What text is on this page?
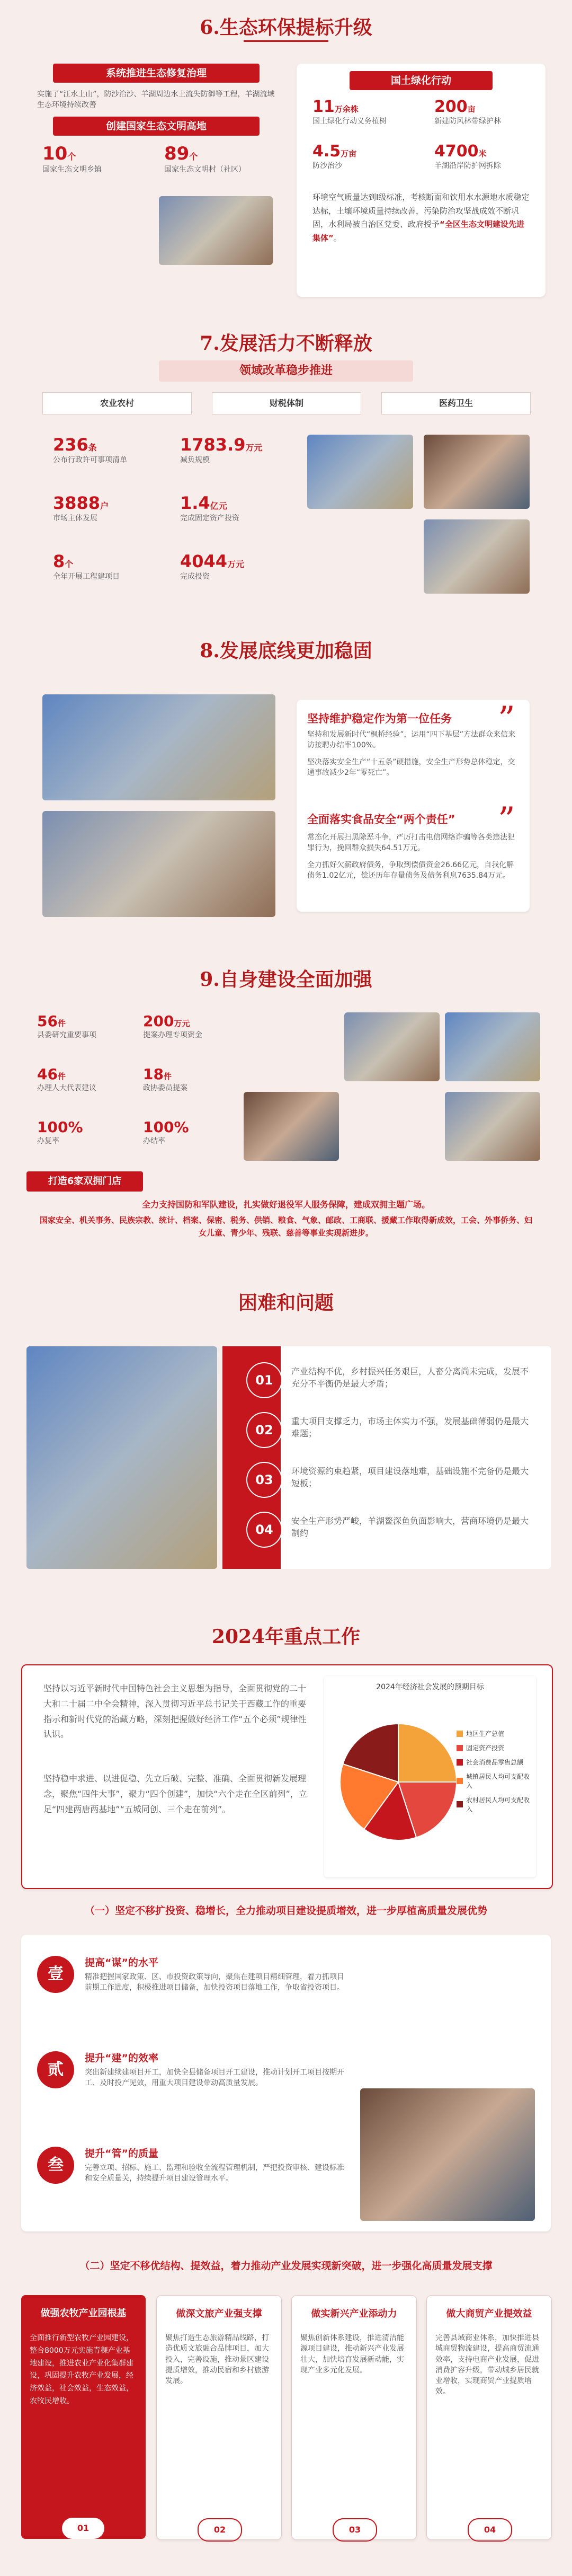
6.生态环保提标升级
系统推进生态修复治理
实施了“江水上山”，防沙治沙、羊湖周边水土流失防御等工程，羊湖流域生态环境持续改善
创建国家生态文明高地
10个
国家生态文明乡镇
89个
国家生态文明村（社区）
国土绿化行动
11万余株
国土绿化行动义务植树
200亩
新建防风林带绿护林
4.5万亩
防沙治沙
4700米
羊湖沿岸防护网拆除
环境空气质量达到Ⅰ级标准，考核断面和饮用水水源地水质稳定达标，土壤环境质量持续改善，污染防治攻坚战成效不断巩固，水利局被自治区党委、政府授予“全区生态文明建设先进集体”。
7.发展活力不断释放
领域改革稳步推进
农业农村	财税体制	医药卫生
236条
公布行政许可事项清单
1783.9万元
减负规模
3888户
市场主体发展
1.4亿元
完成固定资产投资
8个
全年开展工程建项目
4044万元
完成投资
8.发展底线更加稳固
”
坚持维护稳定作为第一位任务
坚持和发展新时代“枫桥经验”，运用“四下基层”方法群众来信来访接聘办结率100%。
坚决落实安全生产“十五条”硬措施，安全生产形势总体稳定，交通事故减少2年“零死亡”。
”
全面落实食品安全“两个责任”
常态化开展扫黑除恶斗争，严厉打击电信网络诈骗等各类违法犯罪行为，挽回群众损失64.51万元。
全力抓好欠薪政府债务，争取到偿债资金26.66亿元，自我化解债务1.02亿元，偿还历年存量债务及债务利息7635.84万元。
9.自身建设全面加强
56件
县委研究重要事项
200万元
提案办理专项资金
46件
办理人大代表建议
18件
政协委员提案
100%
办复率
100%
办结率
打造6家双拥门店
全力支持国防和军队建设，扎实做好退役军人服务保障，建成双拥主题广场。
国家安全、机关事务、民族宗教、统计、档案、保密、税务、供销、粮食、气象、邮政、工商联、援藏工作取得新成效，工会、外事侨务、妇女儿童、青少年、残联、慈善等事业实现新进步。
困难和问题
01
产业结构不优，乡村振兴任务艰巨，人畜分离尚未完成，发展不充分不平衡仍是最大矛盾；
02
重大项目支撑乏力，市场主体实力不强，发展基础薄弱仍是最大难题；
03
环境资源约束趋紧，项目建设落地难，基础设施不完备仍是最大短板；
04
安全生产形势严峻，羊湖鳌深鱼负面影响大，营商环境仍是最大制约
2024年重点工作
坚持以习近平新时代中国特色社会主义思想为指导，全面贯彻党的二十大和二十届二中全会精神，深入贯彻习近平总书记关于西藏工作的重要指示和新时代党的治藏方略，深刻把握做好经济工作“五个必须”规律性认识。
坚持稳中求进、以进促稳、先立后破、完整、准确、全面贯彻新发展理念，聚焦“四件大事”，聚力“四个创建”，加快“六个走在全区前列”，立足“四建两唐两基地”“五城同创、三个走在前列”。
2024年经济社会发展的预期目标
地区生产总值
固定资产投资
社会消费品零售总额
城镇居民人均可支配收入
农村居民人均可支配收入
（一）坚定不移扩投资、稳增长，全力推动项目建设提质增效，进一步厚植高质量发展优势
壹
提高“谋”的水平
精准把握国家政策、区、市投资政策导向，聚焦在建项目精细管理，着力抓项目前期工作进度，积极推进项目储备，加快投资项目落地工作，争取省投资项目。
贰
提升“建”的效率
突出新建续建项目开工，加快全县储备项目开工建设，推动计划开工项目按期开工、及时投产见效，用重大项目建设带动高质量发展。
叁
提升“管”的质量
完善立项、招标、施工、监理和验收全流程管理机制，严把投资审核、建设标准和安全质量关，持续提升项目建设管理水平。
（二）坚定不移优结构、提效益，着力推动产业发展实现新突破，进一步强化高质量发展支撑
做强农牧产业园根基
全面推行新型农牧产业园建设，整合8000万元实施青稞产业基地建设，推进农业产业化集群建设，巩固提升农牧产业发展，经济效益，社会效益，生态效益，农牧民增收。
01
做深文旅产业强支撑
聚焦打造生态旅游精品线路，打造优质文旅融合品牌项目，加大投入，完善设施，推动景区建设提质增效，推动民宿和乡村旅游发展。
02
做实新兴产业添动力
聚焦创新体系建设，推进清洁能源项目建设，推动新兴产业发展壮大，加快培育发展新动能，实现产业多元化发展。
03
做大商贸产业提效益
完善县域商业体系，加快推进县城商贸物流建设，提高商贸流通效率，支持电商产业发展，促进消费扩容升级，带动城乡居民就业增收，实现商贸产业提质增效。
04
